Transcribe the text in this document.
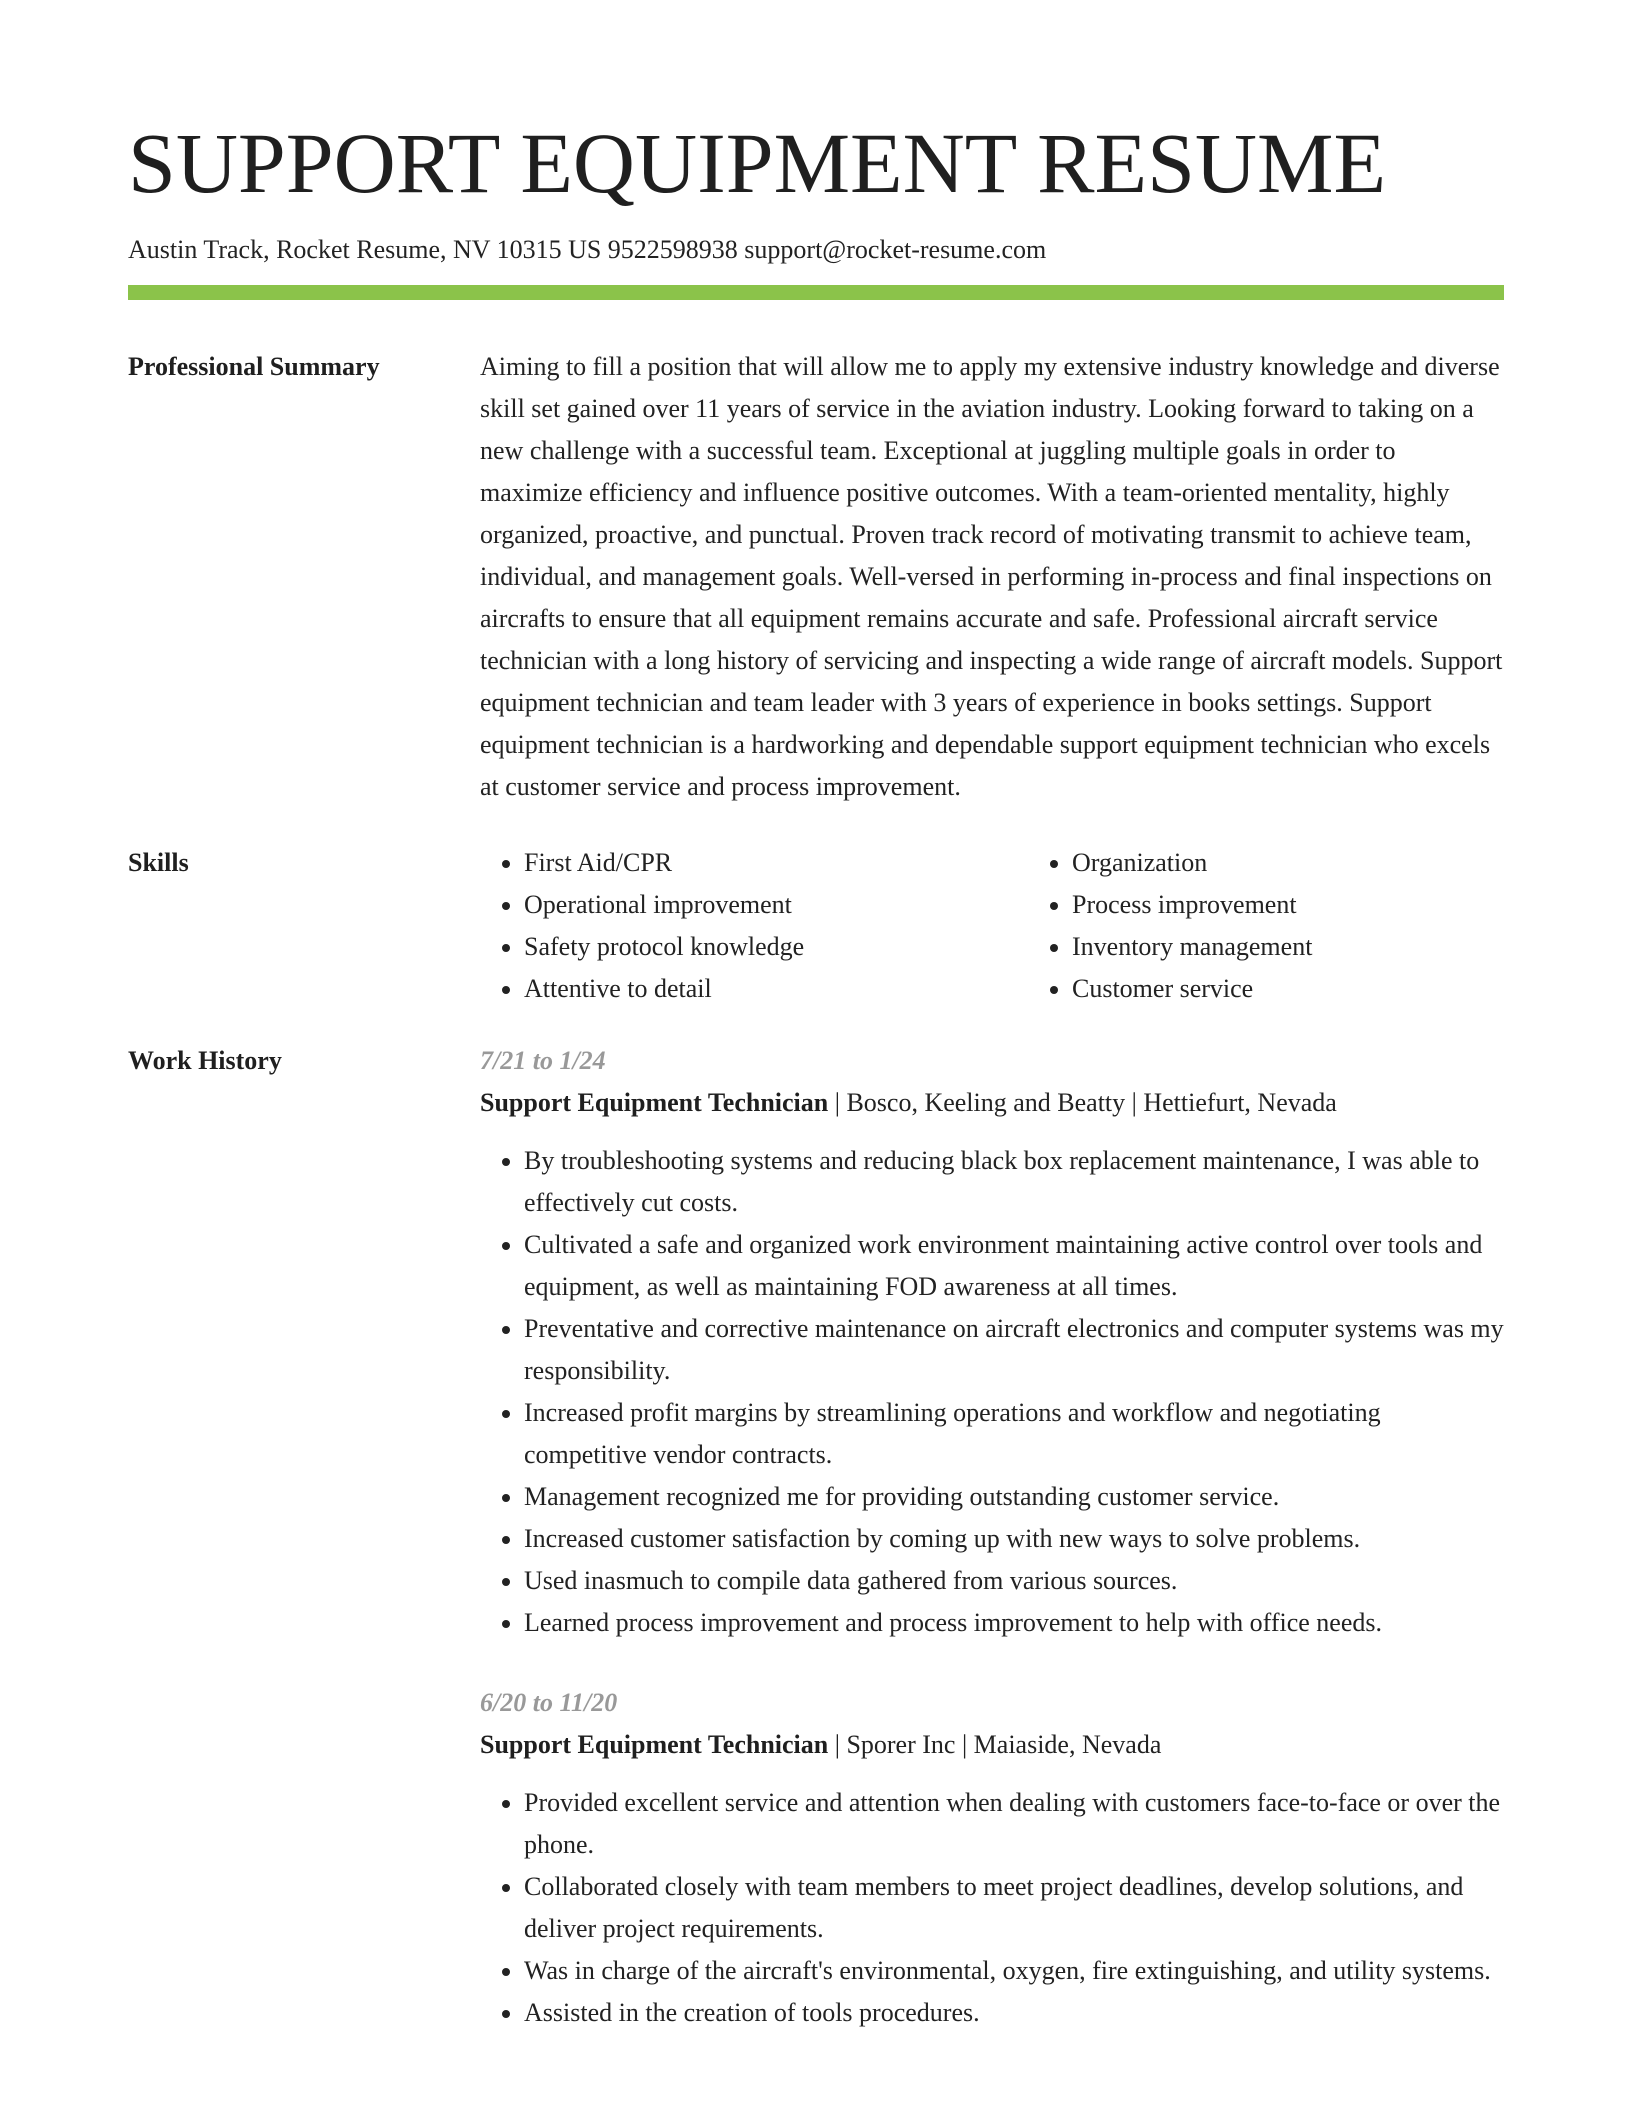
SUPPORT EQUIPMENT RESUME
Austin Track, Rocket Resume, NV 10315 US 9522598938 support@rocket-resume.com
Professional Summary	Aiming to fill a position that will allow me to apply my extensive industry knowledge and diverse skill set gained over 11 years of service in the aviation industry. Looking forward to taking on a new challenge with a successful team. Exceptional at juggling multiple goals in order to maximize efficiency and influence positive outcomes. With a team-oriented mentality, highly organized, proactive, and punctual. Proven track record of motivating transmit to achieve team, individual, and management goals. Well-versed in performing in-process and final inspections on aircrafts to ensure that all equipment remains accurate and safe. Professional aircraft service technician with a long history of servicing and inspecting a wide range of aircraft models. Support equipment technician and team leader with 3 years of experience in books settings. Support equipment technician is a hardworking and dependable support equipment technician who excels at customer service and process improvement.

Skills
•	First Aid/CPR
• Operational improvement
• Safety protocol knowledge
• Attentive to detail
• Organization
• Process improvement
• Inventory management
• Customer service
Work History	7/21 to 1/24
Support Equipment Technician | Bosco, Keeling and Beatty | Hettiefurt, Nevada
• By troubleshooting systems and reducing black box replacement maintenance, I was able to effectively cut costs.
• Cultivated a safe and organized work environment maintaining active control over tools and equipment, as well as maintaining FOD awareness at all times.
• Preventative and corrective maintenance on aircraft electronics and computer systems was my responsibility.
• Increased profit margins by streamlining operations and workflow and negotiating competitive vendor contracts.
• Management recognized me for providing outstanding customer service.
• Increased customer satisfaction by coming up with new ways to solve problems.
• Used inasmuch to compile data gathered from various sources.
• Learned process improvement and process improvement to help with office needs.
6/20 to 11/20
Support Equipment Technician | Sporer Inc | Maiaside, Nevada
• Provided excellent service and attention when dealing with customers face-to-face or over the phone.
• Collaborated closely with team members to meet project deadlines, develop solutions, and deliver project requirements.
• Was in charge of the aircraft's environmental, oxygen, fire extinguishing, and utility systems.
• Assisted in the creation of tools procedures.
